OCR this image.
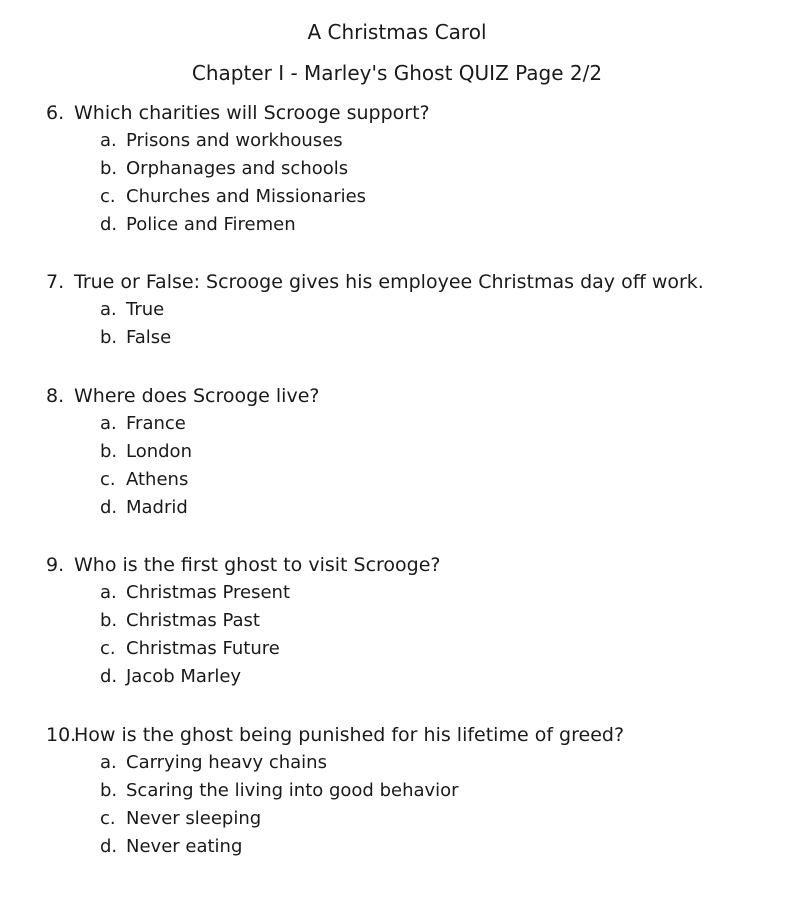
A Christmas Carol
Chapter I - Marley's Ghost QUIZ Page 2/2
6. Which charities will Scrooge support?
a. Prisons and workhouses
b. Orphanages and schools
c. Churches and Missionaries
d. Police and Firemen
7. True or False: Scrooge gives his employee Christmas day off work.
a. True
b. False
8. Where does Scrooge live?
a. France
b. London
c. Athens
d. Madrid
9. Who is the first ghost to visit Scrooge?
a. Christmas Present
b. Christmas Past
c. Christmas Future
d. Jacob Marley
10.How is the ghost being punished for his lifetime of greed?
a. Carrying heavy chains
b. Scaring the living into good behavior
c. Never sleeping
d. Never eating
